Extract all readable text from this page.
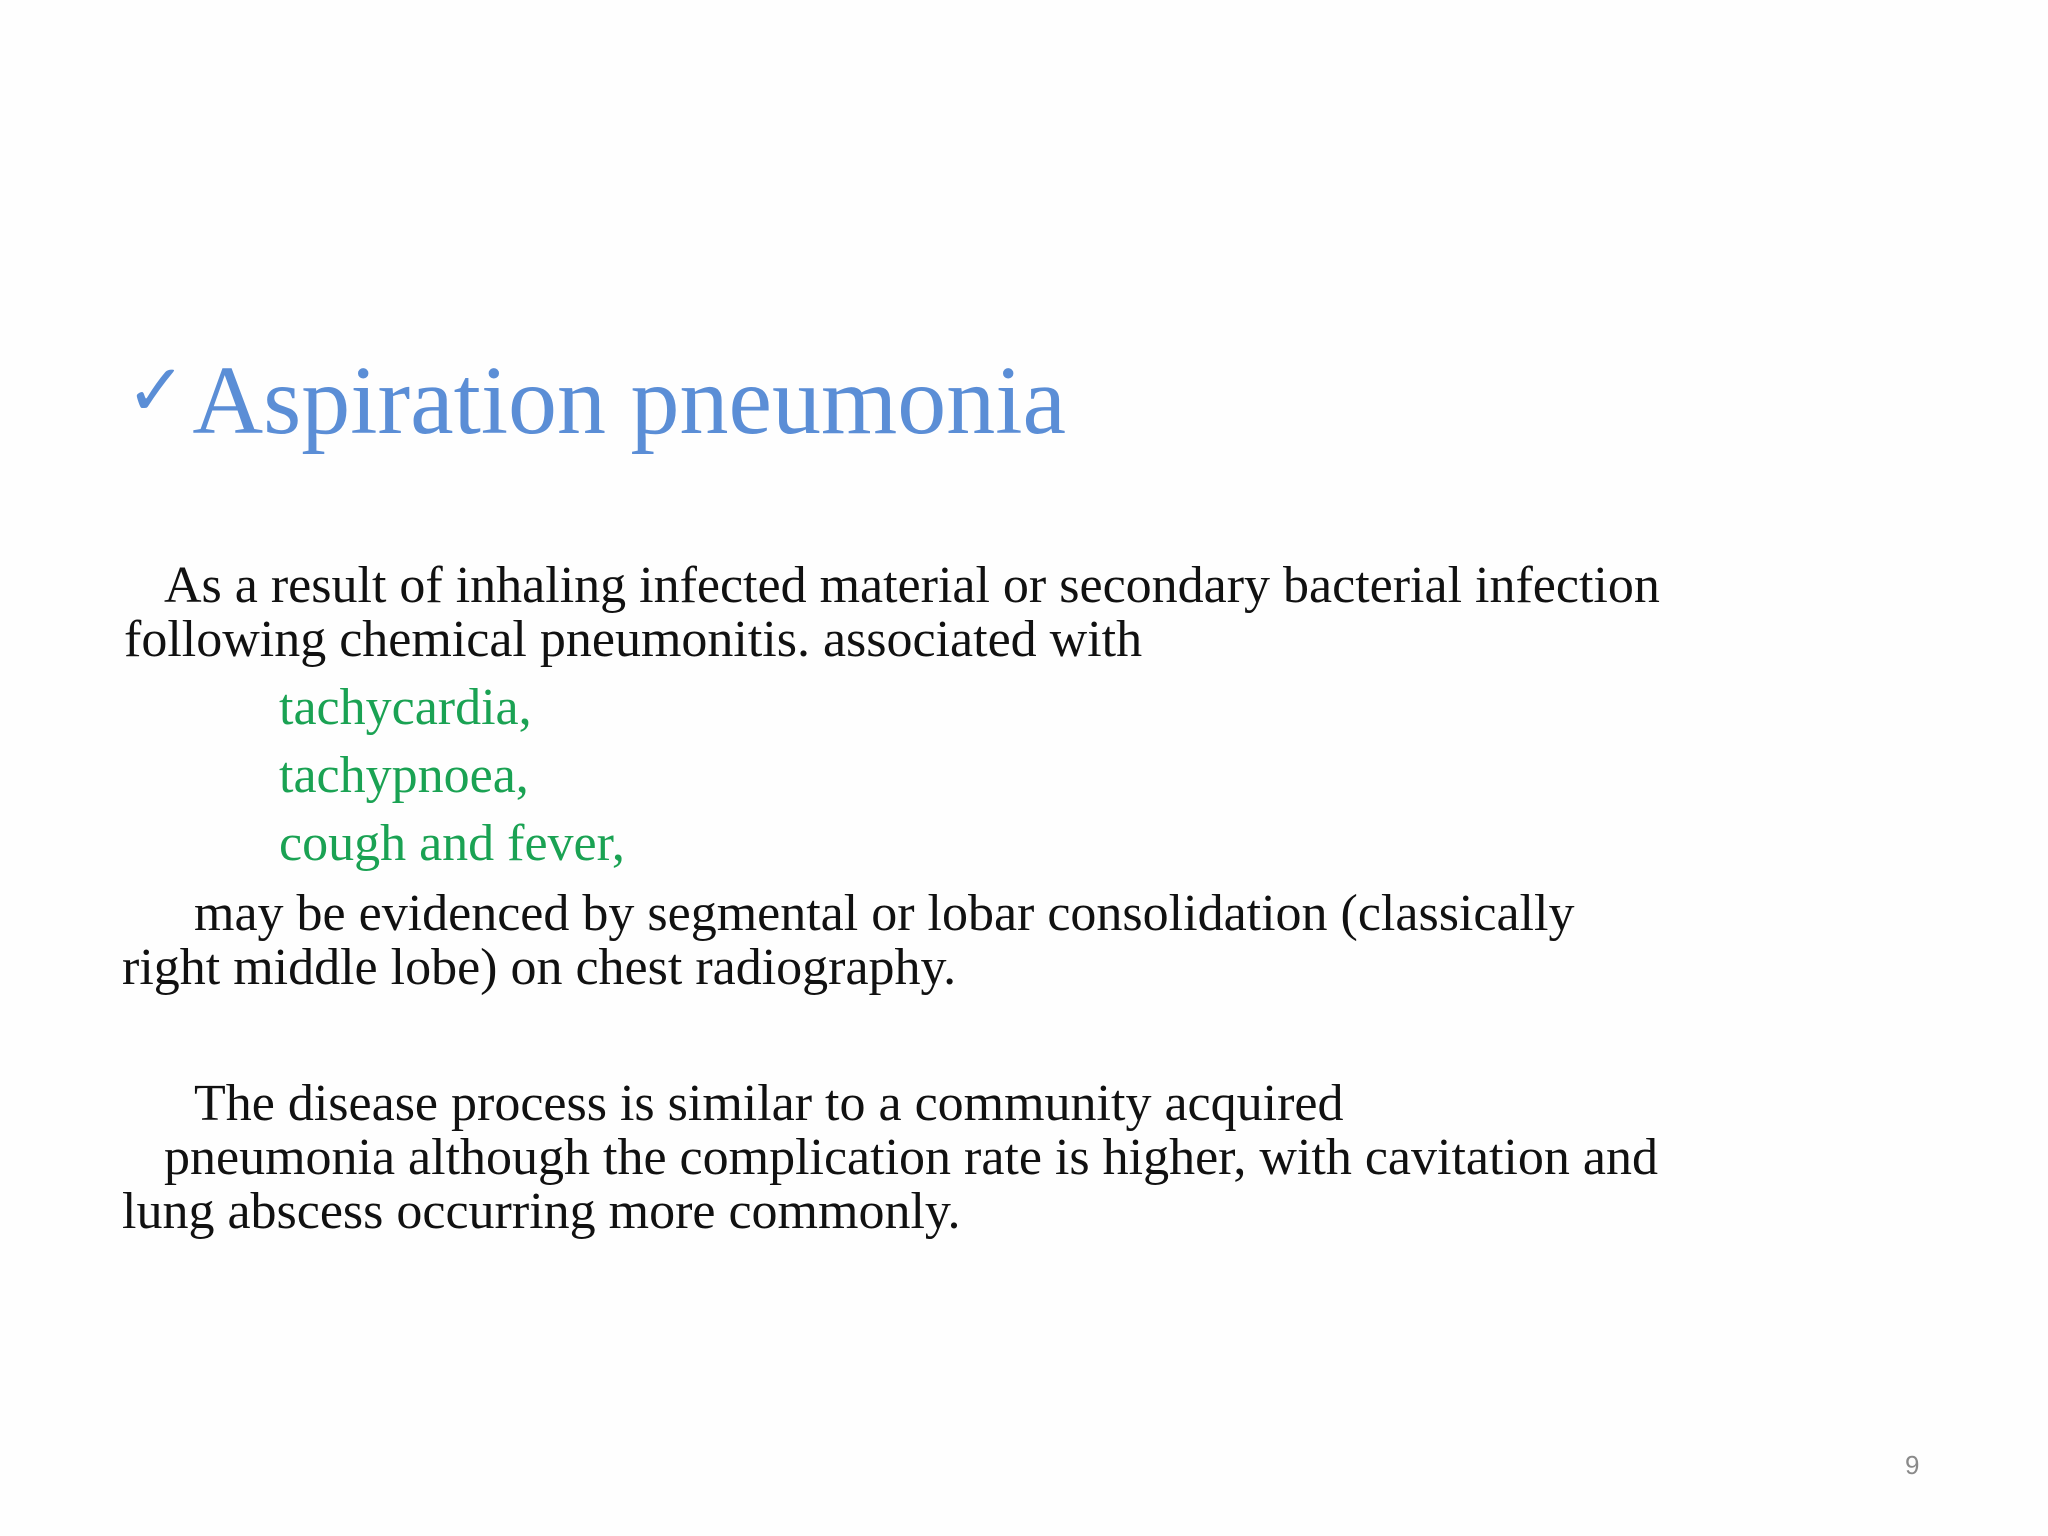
✓Aspiration pneumonia
As a result of inhaling infected material or secondary bacterial infection
following chemical pneumonitis. associated with
tachycardia,
tachypnoea,
cough and fever,
may be evidenced by segmental or lobar consolidation (classically
right middle lobe) on chest radiography.
The disease process is similar to a community acquired
pneumonia although the complication rate is higher, with cavitation and
lung abscess occurring more commonly.
9
